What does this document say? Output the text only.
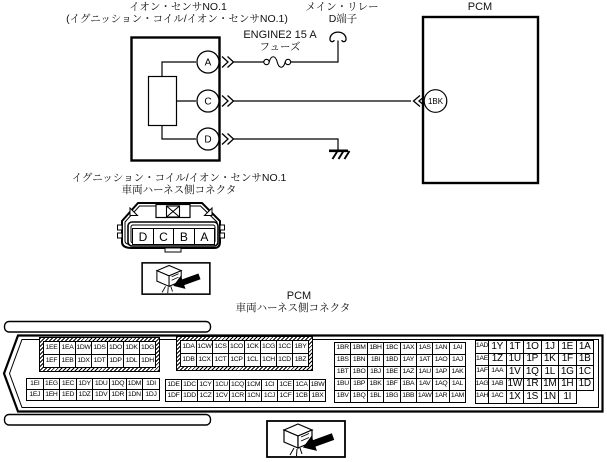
A
C
D
1BK
イオン・センサNO.1
(イグニッション・コイル/イオン・センサNO.1)
メイン・リレー
D端子
ENGINE2 15 A
フューズ
PCM
イグニッション・コイル/イオン・センサNO.1
車両ハーネス側コネクタ
D	C	B	A
PCM
車両ハーネス側コネクタ
1EE 1EA 1DW 1DS 1DO 1DK 1DG
1EF 1EB 1DX 1DT 1DP 1DL 1DH
1EI 1EG 1EC 1DY 1DU 1DQ 1DM 1DI
1EJ 1EH 1ED 1DZ 1DV 1DR 1DN 1DJ
1DA 1CW 1CS 1CO 1CK 1CG 1CC 1BY
1DB 1CX 1CT 1CP 1CL 1CH 1CD 1BZ
1DE 1DC 1CY 1CU 1CQ 1CM 1CI 1CE 1CA 1BW
1DF 1DD 1CZ 1CV 1CR 1CN 1CJ 1CF 1CB 1BX
1BR 1BM 1BH 1BC 1AX 1AS 1AN 1AI
1BS 1BN 1BI 1BD 1AY 1AT 1AO 1AJ
1BT 1BO 1BJ 1BE 1AZ 1AU 1AP 1AK
1BU 1BP 1BK 1BF 1BA 1AV 1AQ 1AL
1BV 1BQ 1BL 1BG 1BB 1AW 1AR 1AM
1AD 1Y 1T 1O 1J 1E 1A
1AE 1Z 1U 1P 1K 1F 1B
1AF 1AA 1V 1Q 1L 1G 1C
1AG 1AB 1W 1R 1M 1H 1D
1AH 1AC 1X 1S 1N 1I
